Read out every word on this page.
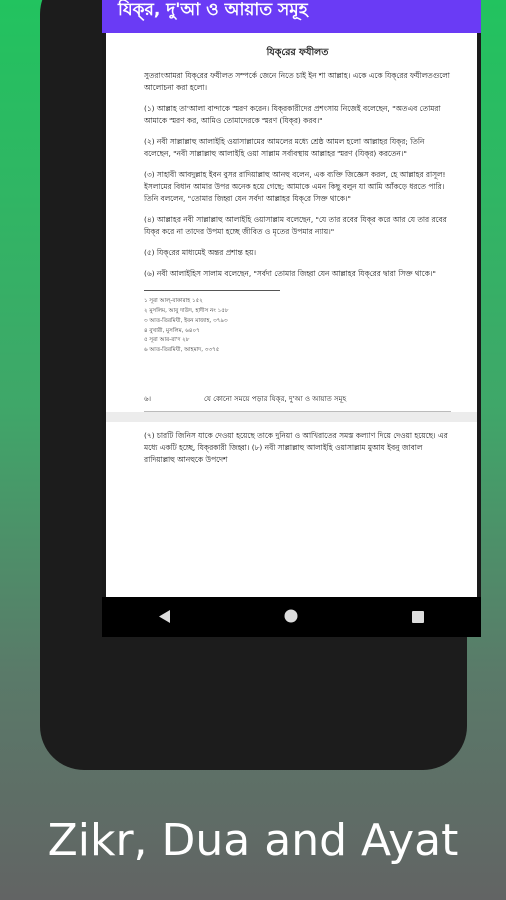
যিক্‌র, দু'আ ও আয়াত সমূহ
যিক্‌রের ফযীলত
সুতরাংআমরা যিক্‌রের ফযীলত সম্পর্কে জেনে নিতে চাই ইন শা আল্লাহ। একে একে যিক্‌রের ফযীলতগুলো আলোচনা করা হলো।
(১) আল্লাহ তা'আলা বান্দাকে স্মরণ করেন। যিক্‌রকারীদের প্রশংসায় নিজেই বলেছেন, "অতএব তোমরা আমাকে স্মরণ কর, আমিও তোমাদেরকে স্মরণ (যিক্‌র) করব।"
(২) নবী সাল্লাল্লাহু আলাইহি ওয়াসাল্লামের আমলের মধ্যে শ্রেষ্ঠ আমল হলো আল্লাহর যিক্‌র; তিনি বলেছেন, "নবী সাল্লাল্লাহু আলাইহি ওয়া সাল্লাম সর্বাবস্থায় আল্লাহর স্মরণ (যিক্‌র) করতেন।"
(৩) সাহাবী আবদুল্লাহ ইবন বুসর রাদিয়াল্লাহু আনহু বলেন, এক ব্যক্তি জিজ্ঞেস করল, হে আল্লাহর রাসূল! ইসলামের বিধান আমার উপর অনেক হয়ে গেছে; আমাকে এমন কিছু বলুন যা আমি আঁকড়ে ধরতে পারি। তিনি বললেন, "তোমার জিহ্বা যেন সর্বদা আল্লাহর যিক্‌রে সিক্ত থাকে।"
(৪) আল্লাহর নবী সাল্লাল্লাহু আলাইহি ওয়াসাল্লাম বলেছেন, "যে তার রবের যিক্‌র করে আর যে তার রবের যিক্‌র করে না তাদের উপমা হচ্ছে জীবিত ও মৃতের উপমার ন্যায়।"
(৫) যিক্‌রের মাধ্যমেই অন্তর প্রশান্ত হয়।
(৬) নবী আলাইহিস সালাম বলেছেন, "সর্বদা তোমার জিহ্বা যেন আল্লাহর যিক্‌রের দ্বারা সিক্ত থাকে।"
১ সূরা আল্-বাকারাহ ১৫২
২ মুসলিম, আবু দাউদ, হাদীস নং ১৫৮
৩ আত-তিরমিযী, ইবন মাজাহ, ৩৭৯৩
৪ বুখারী, মুসলিম, ৬৪০৭
৫ সূরা আর-রা'দ ২৮
৬ আত-তিরমিযী, আহমাদ, ৩৩৭৫
৬।	যে কোনো সময়ে পড়ার যিক্‌র, দু'আ ও আয়াত সমূহ
(৭) চারটি জিনিস যাকে দেওয়া হয়েছে তাকে দুনিয়া ও আখিরাতের সমস্ত কল্যাণ দিয়ে দেওয়া হয়েছে। এর মধ্যে একটি হচ্ছে, যিক্‌রকারী জিহ্বা। (৮) নবী সাল্লাল্লাহু আলাইহি ওয়াসাল্লাম মুআয ইবনু জাবাল রাদিয়াল্লাহু আনহুকে উপদেশ
Zikr, Dua and Ayat
